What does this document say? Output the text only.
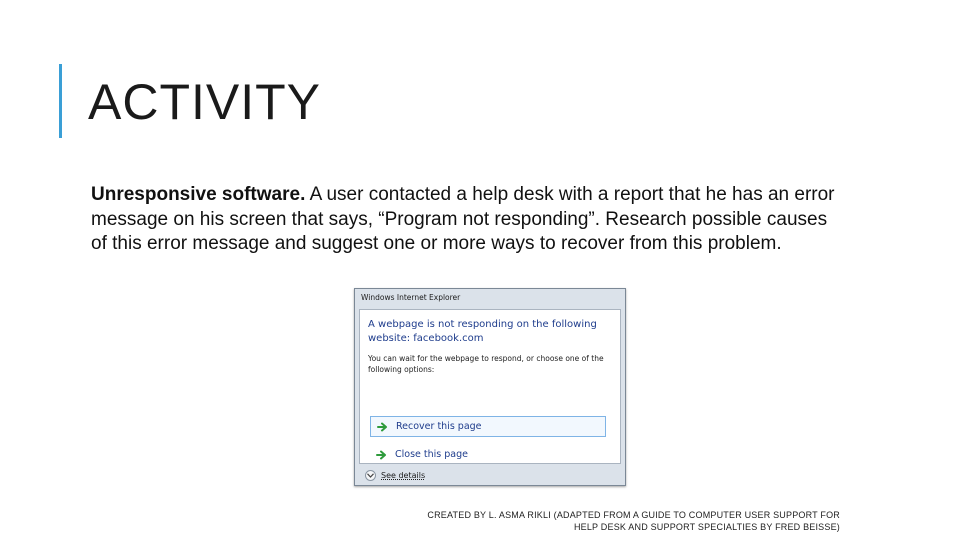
ACTIVITY

Unresponsive software. A user contacted a help desk with a report that he has an error message on his screen that says, “Program not responding”. Research possible causes of this error message and suggest one or more ways to recover from this problem.

Windows Internet Explorer
A webpage is not responding on the following website: facebook.com
You can wait for the webpage to respond, or choose one of the following options:
Recover this page
Close this page
See details
CREATED BY L. ASMA RIKLI (ADAPTED FROM A GUIDE TO COMPUTER USER SUPPORT FOR
HELP DESK AND SUPPORT SPECIALTIES BY FRED BEISSE)
